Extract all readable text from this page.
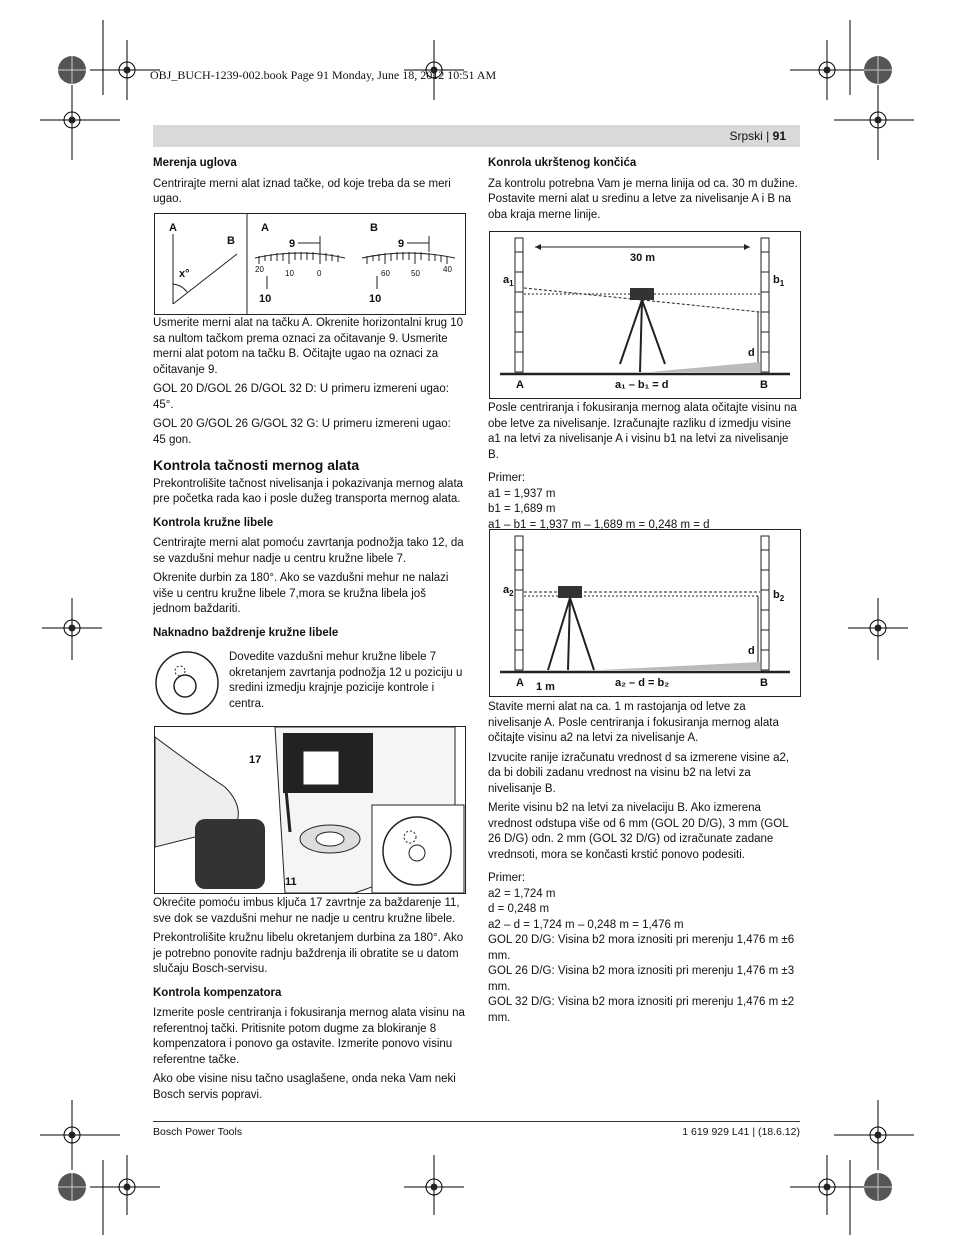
OBJ_BUCH-1239-002.book Page 91 Monday, June 18, 2012 10:51 AM
Srpski | 91
Merenja uglova

Centrirajte merni alat iznad tačke, od koje treba da se meri ugao.

A
B
x°
A	B
9	9
20	10	0	60	50	40
10	10

Usmerite merni alat na tačku A. Okrenite horizontalni krug 10 sa nultom tačkom prema oznaci za očitavanje 9. Usmerite merni alat potom na tačku B. Očitajte ugao na oznaci za očitavanje 9.

GOL 20 D/GOL 26 D/GOL 32 D: U primeru izmereni ugao: 45°.

GOL 20 G/GOL 26 G/GOL 32 G: U primeru izmereni ugao: 45 gon.

Kontrola tačnosti mernog alata

Prekontrolišite tačnost nivelisanja i pokazivanja mernog alata pre početka rada kao i posle dužeg transporta mernog alata.

Kontrola kružne libele

Centrirajte merni alat pomoću zavrtanja podnožja tako 12, da se vazdušni mehur nadje u centru kružne libele 7.

Okrenite durbin za 180°. Ako se vazdušni mehur ne nalazi više u centru kružne libele 7,mora se kružna libela još jednom baždariti.

Naknadno baždrenje kružne libele

Dovedite vazdušni mehur kružne libele 7 okretanjem zavrtanja podnožja 12 u poziciju u sredini izmedju krajnje pozicije kontrole i centra.

17
11

Okrećite pomoću imbus ključa 17 zavrtnje za baždarenje 11, sve dok se vazdušni mehur ne nadje u centru kružne libele.

Prekontrolišite kružnu libelu okretanjem durbina za 180°. Ako je potrebno ponovite radnju baždrenja ili obratite se u datom slučaju Bosch-servisu.

Kontrola kompenzatora

Izmerite posle centriranja i fokusiranja mernog alata visinu na referentnoj tački. Pritisnite potom dugme za blokiranje 8 kompenzatora i ponovo ga ostavite. Izmerite ponovo visinu referentne tačke.

Ako obe visine nisu tačno usaglašene, onda neka Vam neki Bosch servis popravi.

Konrola ukrštenog končića

Za kontrolu potrebna Vam je merna linija od ca. 30 m dužine. Postavite merni alat u sredinu a letve za nivelisanje A i B na oba kraja merne linije.

30 m
$a_1$	$b_1$
d
A	B
a₁ – b₁ = d

Posle centriranja i fokusiranja mernog alata očitajte visinu na obe letve za nivelisanje. Izračunajte razliku d izmedju visine a1 na letvi za nivelisanje A i visinu b1 na letvi za nivelisanje B.

Primer:

a1 = 1,937 m
b1 = 1,689 m
a1 – b1 = 1,937 m – 1,689 m = 0,248 m = d
$a_2$	$b_2$
d
A 1 m	B
a₂ – d = b₂

Stavite merni alat na ca. 1 m rastojanja od letve za nivelisanje A. Posle centriranja i fokusiranja mernog alata očitajte visinu a2 na letvi za nivelisanje A.

Izvucite ranije izračunatu vrednost d sa izmerene visine a2, da bi dobili zadanu vrednost na visinu b2 na letvi za nivelisanje B.

Merite visinu b2 na letvi za nivelaciju B. Ako izmerena vrednost odstupa više od 6 mm (GOL 20 D/G), 3 mm (GOL 26 D/G) odn. 2 mm (GOL 32 D/G) od izračunate zadane vrednsoti, mora se končasti krstić ponovo podesiti.

Primer:

a2 = 1,724 m
d = 0,248 m
a2 – d = 1,724 m – 0,248 m = 1,476 m
GOL 20 D/G: Visina b2 mora iznositi pri merenju 1,476 m ±6 mm.
GOL 26 D/G: Visina b2 mora iznositi pri merenju 1,476 m ±3 mm.
GOL 32 D/G: Visina b2 mora iznositi pri merenju 1,476 m ±2 mm.
Bosch Power Tools	1 619 929 L41 | (18.6.12)
